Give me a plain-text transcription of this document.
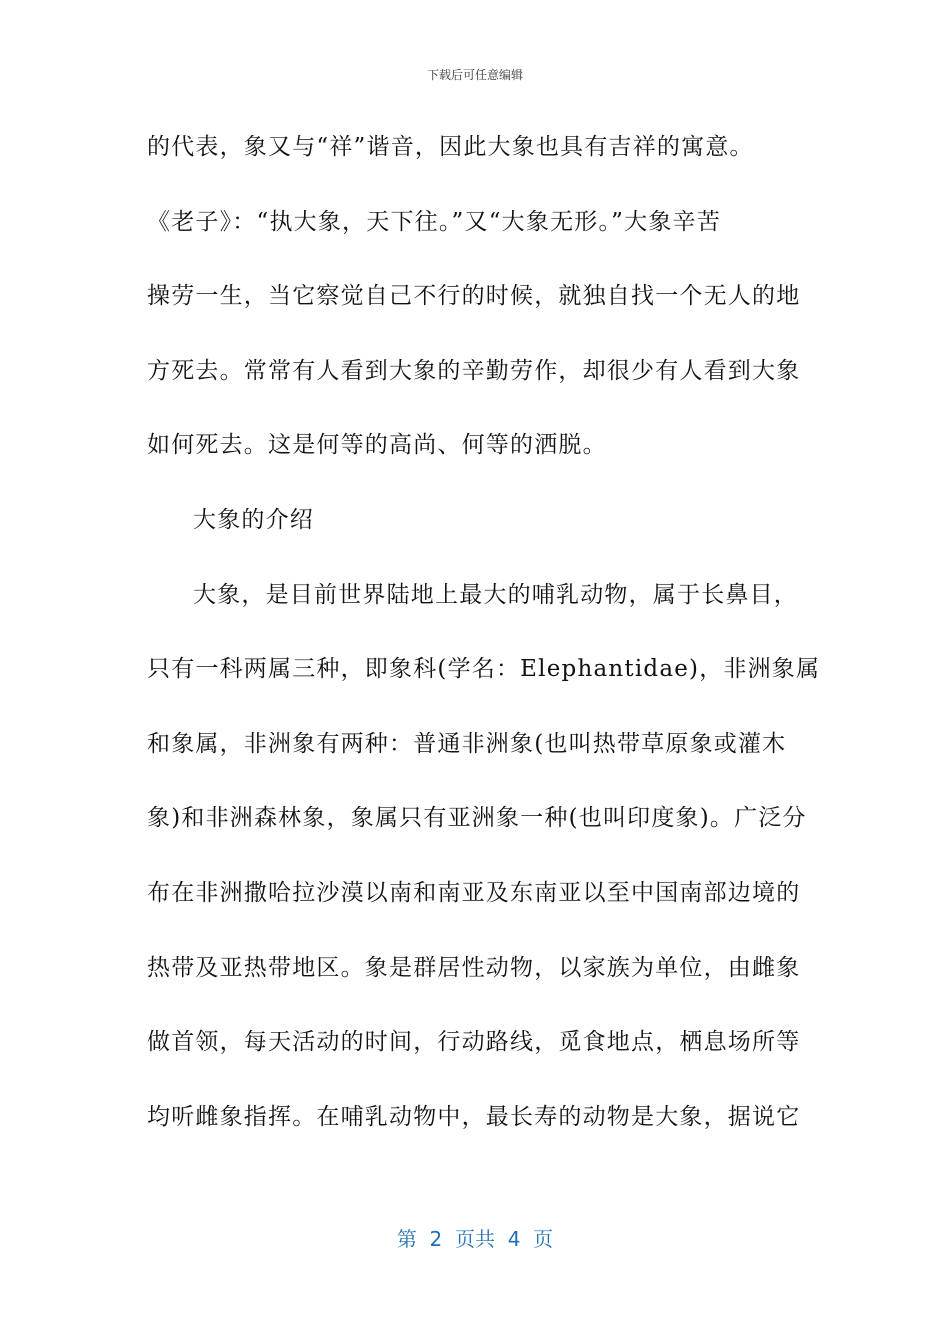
下载后可任意编辑
的代表，象又与“祥”谐音，因此大象也具有吉祥的寓意。
《老子》：“执大象，天下往。”又“大象无形。”大象辛苦
操劳一生，当它察觉自己不行的时候，就独自找一个无人的地
方死去。常常有人看到大象的辛勤劳作，却很少有人看到大象
如何死去。这是何等的高尚、何等的洒脱。
大象的介绍
大象，是目前世界陆地上最大的哺乳动物，属于长鼻目，
只有一科两属三种，即象科(学名：Elephantidae)，非洲象属
和象属，非洲象有两种：普通非洲象(也叫热带草原象或灌木
象)和非洲森林象，象属只有亚洲象一种(也叫印度象)。广泛分
布在非洲撒哈拉沙漠以南和南亚及东南亚以至中国南部边境的
热带及亚热带地区。象是群居性动物，以家族为单位，由雌象
做首领，每天活动的时间，行动路线，觅食地点，栖息场所等
均听雌象指挥。在哺乳动物中，最长寿的动物是大象，据说它
第  2  页共  4  页
